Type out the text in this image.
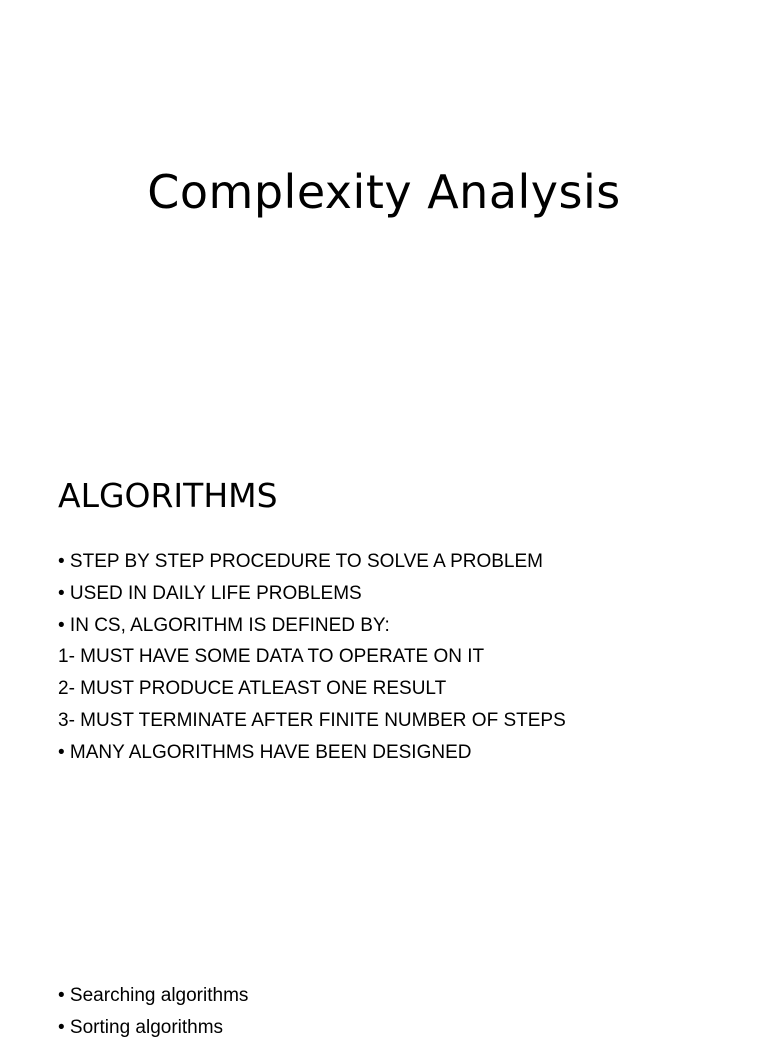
Complexity Analysis
ALGORITHMS
• STEP BY STEP PROCEDURE TO SOLVE A PROBLEM
• USED IN DAILY LIFE PROBLEMS
• IN CS, ALGORITHM IS DEFINED BY:
1- MUST HAVE SOME DATA TO OPERATE ON IT
2- MUST PRODUCE ATLEAST ONE RESULT
3- MUST TERMINATE AFTER FINITE NUMBER OF STEPS
• MANY ALGORITHMS HAVE BEEN DESIGNED
• Searching algorithms
• Sorting algorithms
